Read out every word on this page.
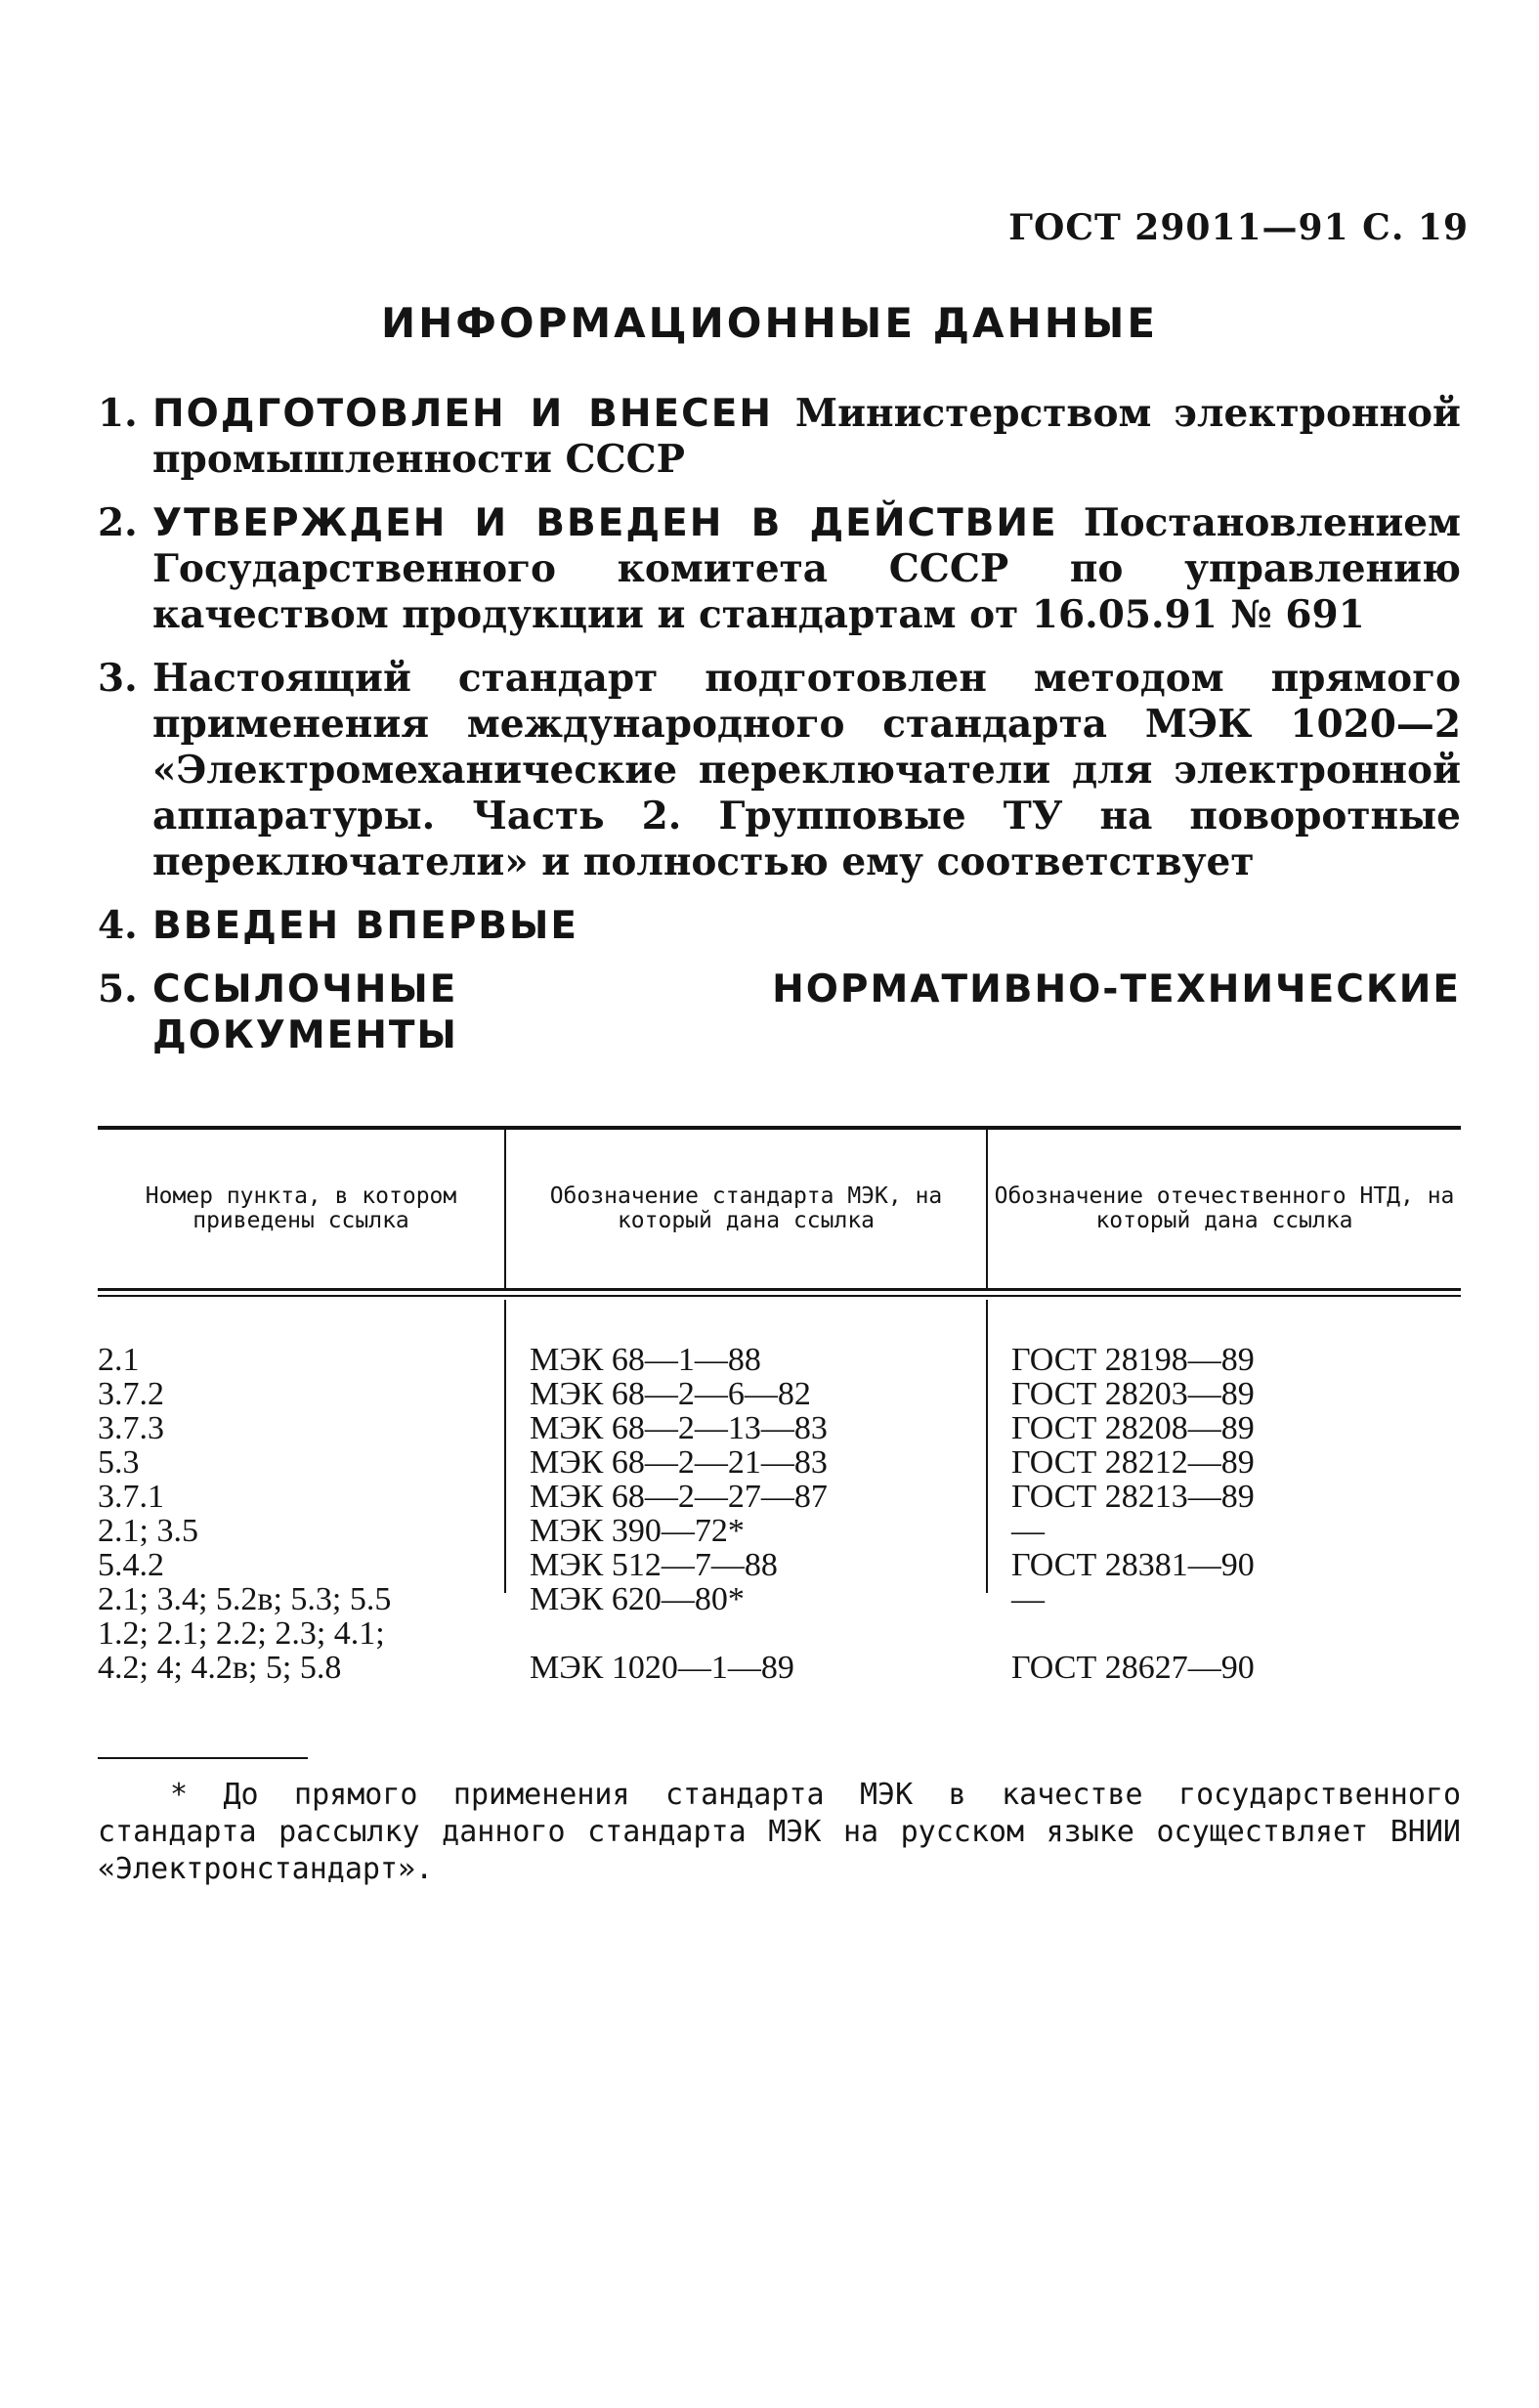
ГОСТ 29011—91 С. 19
ИНФОРМАЦИОННЫЕ ДАННЫЕ
1. ПОДГОТОВЛЕН И ВНЕСЕН Министерством электронной промышленности СССР
2. УТВЕРЖДЕН И ВВЕДЕН В ДЕЙСТВИЕ Постановлением Государственного комитета СССР по управлению качеством продукции и стандартам от 16.05.91 № 691
3. Настоящий стандарт подготовлен методом прямого применения международного стандарта МЭК 1020—2 «Электромеханические переключатели для электронной аппаратуры. Часть 2. Групповые ТУ на поворотные переключатели» и полностью ему соответствует
4. ВВЕДЕН ВПЕРВЫЕ
5. ССЫЛОЧНЫЕ НОРМАТИВНО-ТЕХНИЧЕСКИЕ ДОКУМЕНТЫ
Номер пункта, в котором приведены ссылка
Обозначение стандарта МЭК, на который дана ссылка
Обозначение отечественного НТД, на который дана ссылка
2.1
3.7.2
3.7.3
5.3
3.7.1
2.1; 3.5
5.4.2
2.1; 3.4; 5.2в; 5.3; 5.5
1.2; 2.1; 2.2; 2.3; 4.1;
4.2; 4; 4.2в; 5; 5.8
МЭК 68—1—88
МЭК 68—2—6—82
МЭК 68—2—13—83
МЭК 68—2—21—83
МЭК 68—2—27—87
МЭК 390—72*
МЭК 512—7—88
МЭК 620—80*
МЭК 1020—1—89
ГОСТ 28198—89
ГОСТ 28203—89
ГОСТ 28208—89
ГОСТ 28212—89
ГОСТ 28213—89
—
ГОСТ 28381—90
—
ГОСТ 28627—90
* До прямого применения стандарта МЭК в качестве государственного стандарта рассылку данного стандарта МЭК на русском языке осуществляет ВНИИ «Электронстандарт».
